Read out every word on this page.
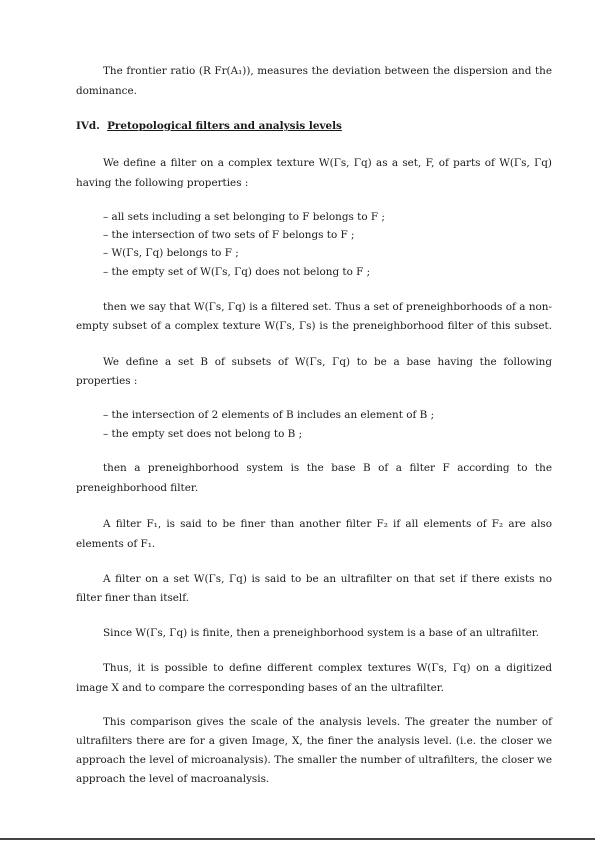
The frontier ratio (R Fr(A₁)), measures the deviation between the dispersion and the
dominance.
IVd. Pretopological filters and analysis levels
We define a filter on a complex texture W(Γs, Γq) as a set, F, of parts of W(Γs, Γq)
having the following properties :
– all sets including a set belonging to F belongs to F ;
– the intersection of two sets of F belongs to F ;
– W(Γs, Γq) belongs to F ;
– the empty set of W(Γs, Γq) does not belong to F ;
then we say that W(Γs, Γq) is a filtered set. Thus a set of preneighborhoods of a non-
empty subset of a complex texture W(Γs, Γs) is the preneighborhood filter of this subset.
We define a set B of subsets of W(Γs, Γq) to be a base having the following
properties :
– the intersection of 2 elements of B includes an element of B ;
– the empty set does not belong to B ;
then a preneighborhood system is the base B of a filter F according to the
preneighborhood filter.
A filter F₁, is said to be finer than another filter F₂ if all elements of F₂ are also
elements of F₁.
A filter on a set W(Γs, Γq) is said to be an ultrafilter on that set if there exists no
filter finer than itself.
Since W(Γs, Γq) is finite, then a preneighborhood system is a base of an ultrafilter.
Thus, it is possible to define different complex textures W(Γs, Γq) on a digitized
image X and to compare the corresponding bases of an the ultrafilter.
This comparison gives the scale of the analysis levels. The greater the number of
ultrafilters there are for a given Image, X, the finer the analysis level. (i.e. the closer we
approach the level of microanalysis). The smaller the number of ultrafilters, the closer we
approach the level of macroanalysis.
